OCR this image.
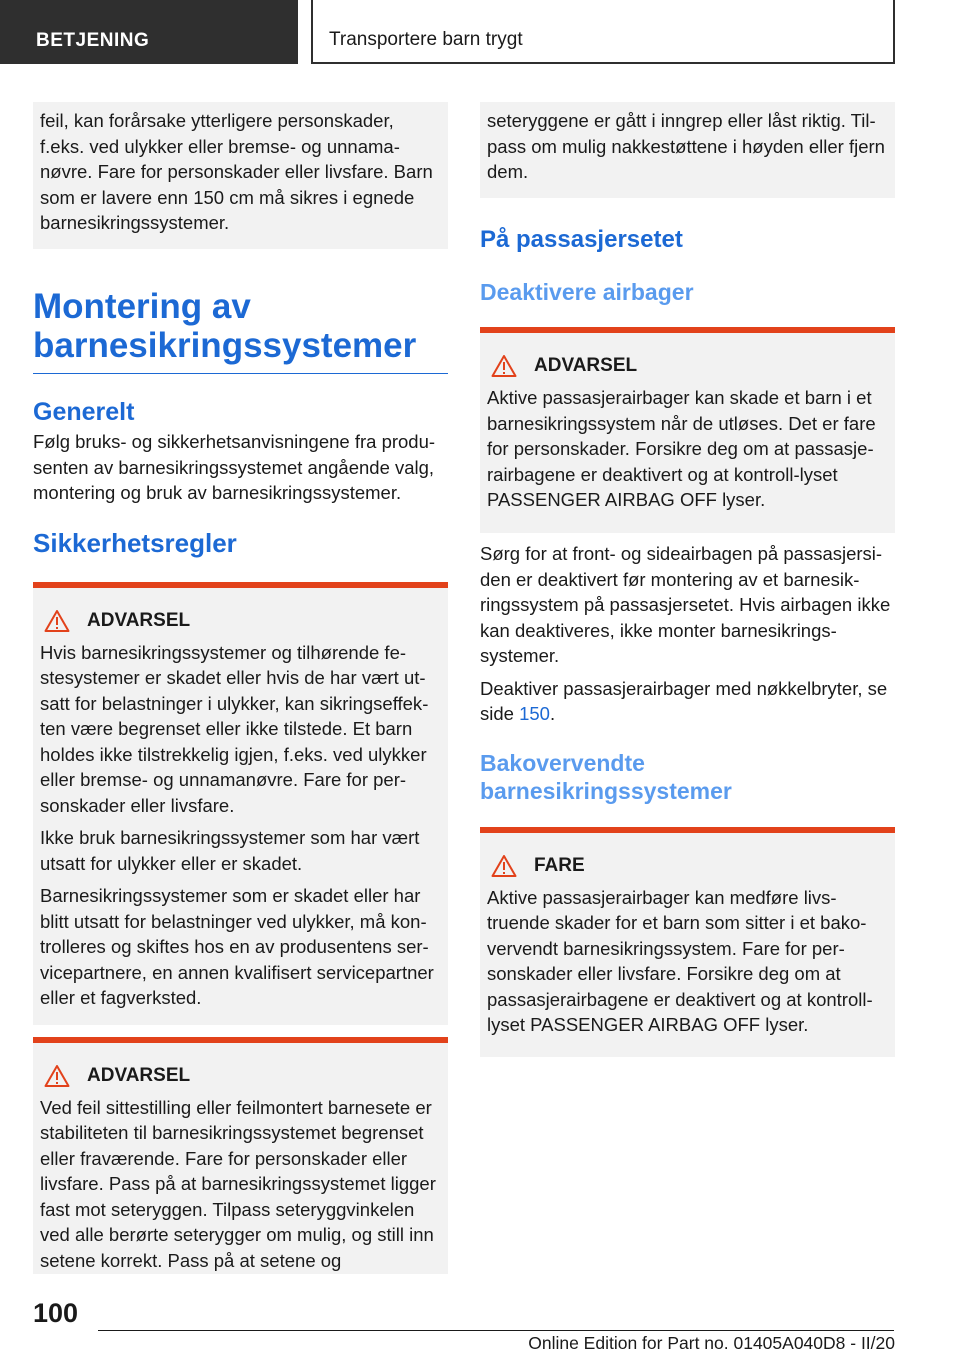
BETJENING	Transportere barn trygt

feil, kan forårsake ytterligere personskader, f.eks. ved ulykker eller bremse- og unnamanøvre. Fare for personskader eller livsfare. Barn som er lavere enn 150 cm må sikres i egnede barnesikringssystemer.

Montering av barnesikringssystemer
Generelt

Følg bruks- og sikkerhetsanvisningene fra produsenten av barnesikringssystemet angående valg, montering og bruk av barnesikringssystemer.

Sikkerhetsregler
ADVARSEL

Hvis barnesikringssystemer og tilhørende festesystemer er skadet eller hvis de har vært utsatt for belastninger i ulykker, kan sikringseffekten være begrenset eller ikke tilstede. Et barn holdes ikke tilstrekkelig igjen, f.eks. ved ulykker eller bremse- og unnamanøvre. Fare for personskader eller livsfare.

Ikke bruk barnesikringssystemer som har vært utsatt for ulykker eller er skadet.

Barnesikringssystemer som er skadet eller har blitt utsatt for belastninger ved ulykker, må kontrolleres og skiftes hos en av produsentens servicepartnere, en annen kvalifisert servicepartner eller et fagverksted.

ADVARSEL

Ved feil sittestilling eller feilmontert barnesete er stabiliteten til barnesikringssystemet begrenset eller fraværende. Fare for personskader eller livsfare. Pass på at barnesikringssystemet ligger fast mot seteryggen. Tilpass seteryggvinkelen ved alle berørte seterygger om mulig, og still inn setene korrekt. Pass på at setene og

seteryggene er gått i inngrep eller låst riktig. Tilpass om mulig nakkestøttene i høyden eller fjern dem.

På passasjersetet
Deaktivere airbager
ADVARSEL

Aktive passasjerairbager kan skade et barn i et barnesikringssystem når de utløses. Det er fare for personskader. Forsikre deg om at passasjerairbagene er deaktivert og at kontroll-lyset PASSENGER AIRBAG OFF lyser.

Sørg for at front- og sideairbagen på passasjersiden er deaktivert før montering av et barnesikringssystem på passasjersetet. Hvis airbagen ikke kan deaktiveres, ikke monter barnesikringssystemer.

Deaktiver passasjerairbager med nøkkelbryter, se side 150.

Bakovervendte barnesikringssystemer
FARE

Aktive passasjerairbager kan medføre livstruende skader for et barn som sitter i et bakovervendt barnesikringssystem. Fare for personskader eller livsfare. Forsikre deg om at passasjerairbagene er deaktivert og at kontroll-lyset PASSENGER AIRBAG OFF lyser.

100
Online Edition for Part no. 01405A040D8 - II/20
